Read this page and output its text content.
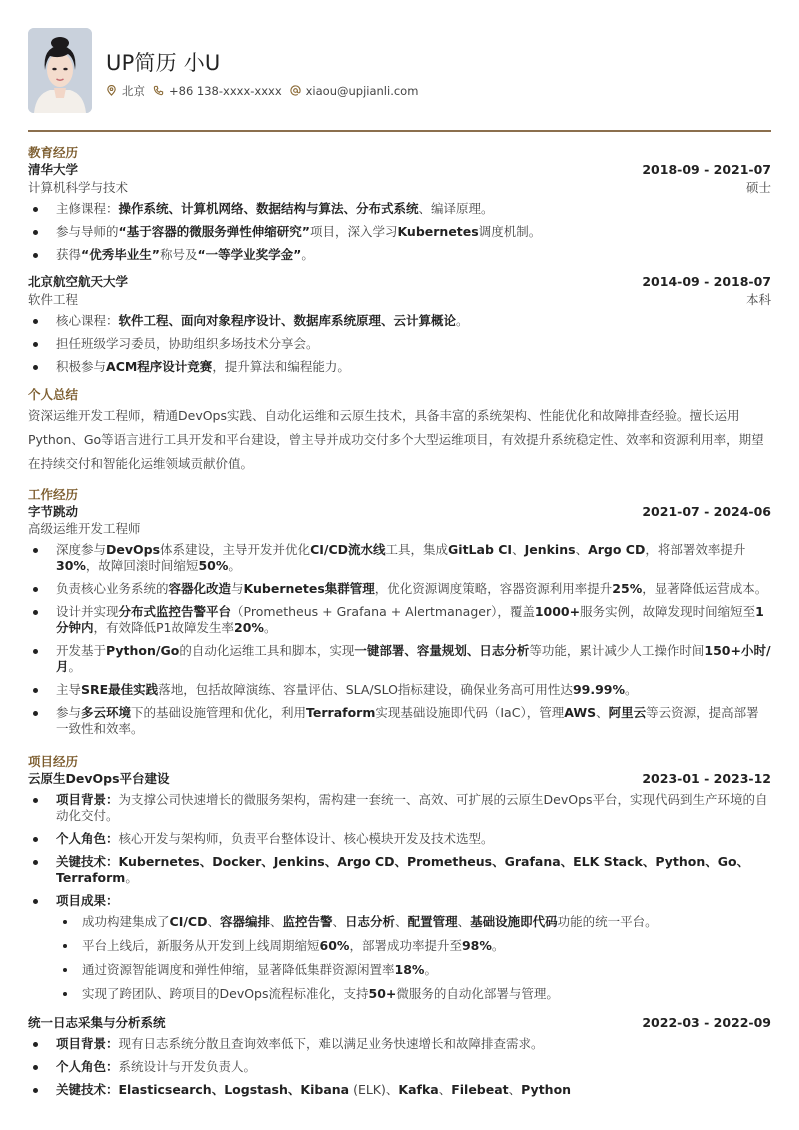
UP简历 小U
北京 +86 138-xxxx-xxxx xiaou@upjianli.com
教育经历
清华大学	2018-09 - 2021-07
计算机科学与技术	硕士
主修课程：操作系统、计算机网络、数据结构与算法、分布式系统、编译原理。
参与导师的“基于容器的微服务弹性伸缩研究”项目，深入学习Kubernetes调度机制。
获得“优秀毕业生”称号及“一等学业奖学金”。
北京航空航天大学	2014-09 - 2018-07
软件工程	本科
核心课程：软件工程、面向对象程序设计、数据库系统原理、云计算概论。
担任班级学习委员，协助组织多场技术分享会。
积极参与ACM程序设计竞赛，提升算法和编程能力。
个人总结

资深运维开发工程师，精通DevOps实践、自动化运维和云原生技术，具备丰富的系统架构、性能优化和故障排查经验。擅长运用Python、Go等语言进行工具开发和平台建设，曾主导并成功交付多个大型运维项目，有效提升系统稳定性、效率和资源利用率，期望在持续交付和智能化运维领域贡献价值。

工作经历
字节跳动	2021-07 - 2024-06
高级运维开发工程师
深度参与DevOps体系建设，主导开发并优化CI/CD流水线工具，集成GitLab CI、Jenkins、Argo CD，将部署效率提升30%，故障回滚时间缩短50%。
负责核心业务系统的容器化改造与Kubernetes集群管理，优化资源调度策略，容器资源利用率提升25%，显著降低运营成本。
设计并实现分布式监控告警平台（Prometheus + Grafana + Alertmanager），覆盖1000+服务实例，故障发现时间缩短至1分钟内，有效降低P1故障发生率20%。
开发基于Python/Go的自动化运维工具和脚本，实现一键部署、容量规划、日志分析等功能，累计减少人工操作时间150+小时/月。
主导SRE最佳实践落地，包括故障演练、容量评估、SLA/SLO指标建设，确保业务高可用性达99.99%。
参与多云环境下的基础设施管理和优化，利用Terraform实现基础设施即代码（IaC），管理AWS、阿里云等云资源，提高部署一致性和效率。
项目经历
云原生DevOps平台建设	2023-01 - 2023-12
项目背景：为支撑公司快速增长的微服务架构，需构建一套统一、高效、可扩展的云原生DevOps平台，实现代码到生产环境的自动化交付。
个人角色：核心开发与架构师，负责平台整体设计、核心模块开发及技术选型。
关键技术：Kubernetes、Docker、Jenkins、Argo CD、Prometheus、Grafana、ELK Stack、Python、Go、Terraform。
项目成果：
成功构建集成了CI/CD、容器编排、监控告警、日志分析、配置管理、基础设施即代码功能的统一平台。
平台上线后，新服务从开发到上线周期缩短60%，部署成功率提升至98%。
通过资源智能调度和弹性伸缩，显著降低集群资源闲置率18%。
实现了跨团队、跨项目的DevOps流程标准化，支持50+微服务的自动化部署与管理。
统一日志采集与分析系统	2022-03 - 2022-09
项目背景：现有日志系统分散且查询效率低下，难以满足业务快速增长和故障排查需求。
个人角色：系统设计与开发负责人。
关键技术：Elasticsearch、Logstash、Kibana (ELK)、Kafka、Filebeat、Python
